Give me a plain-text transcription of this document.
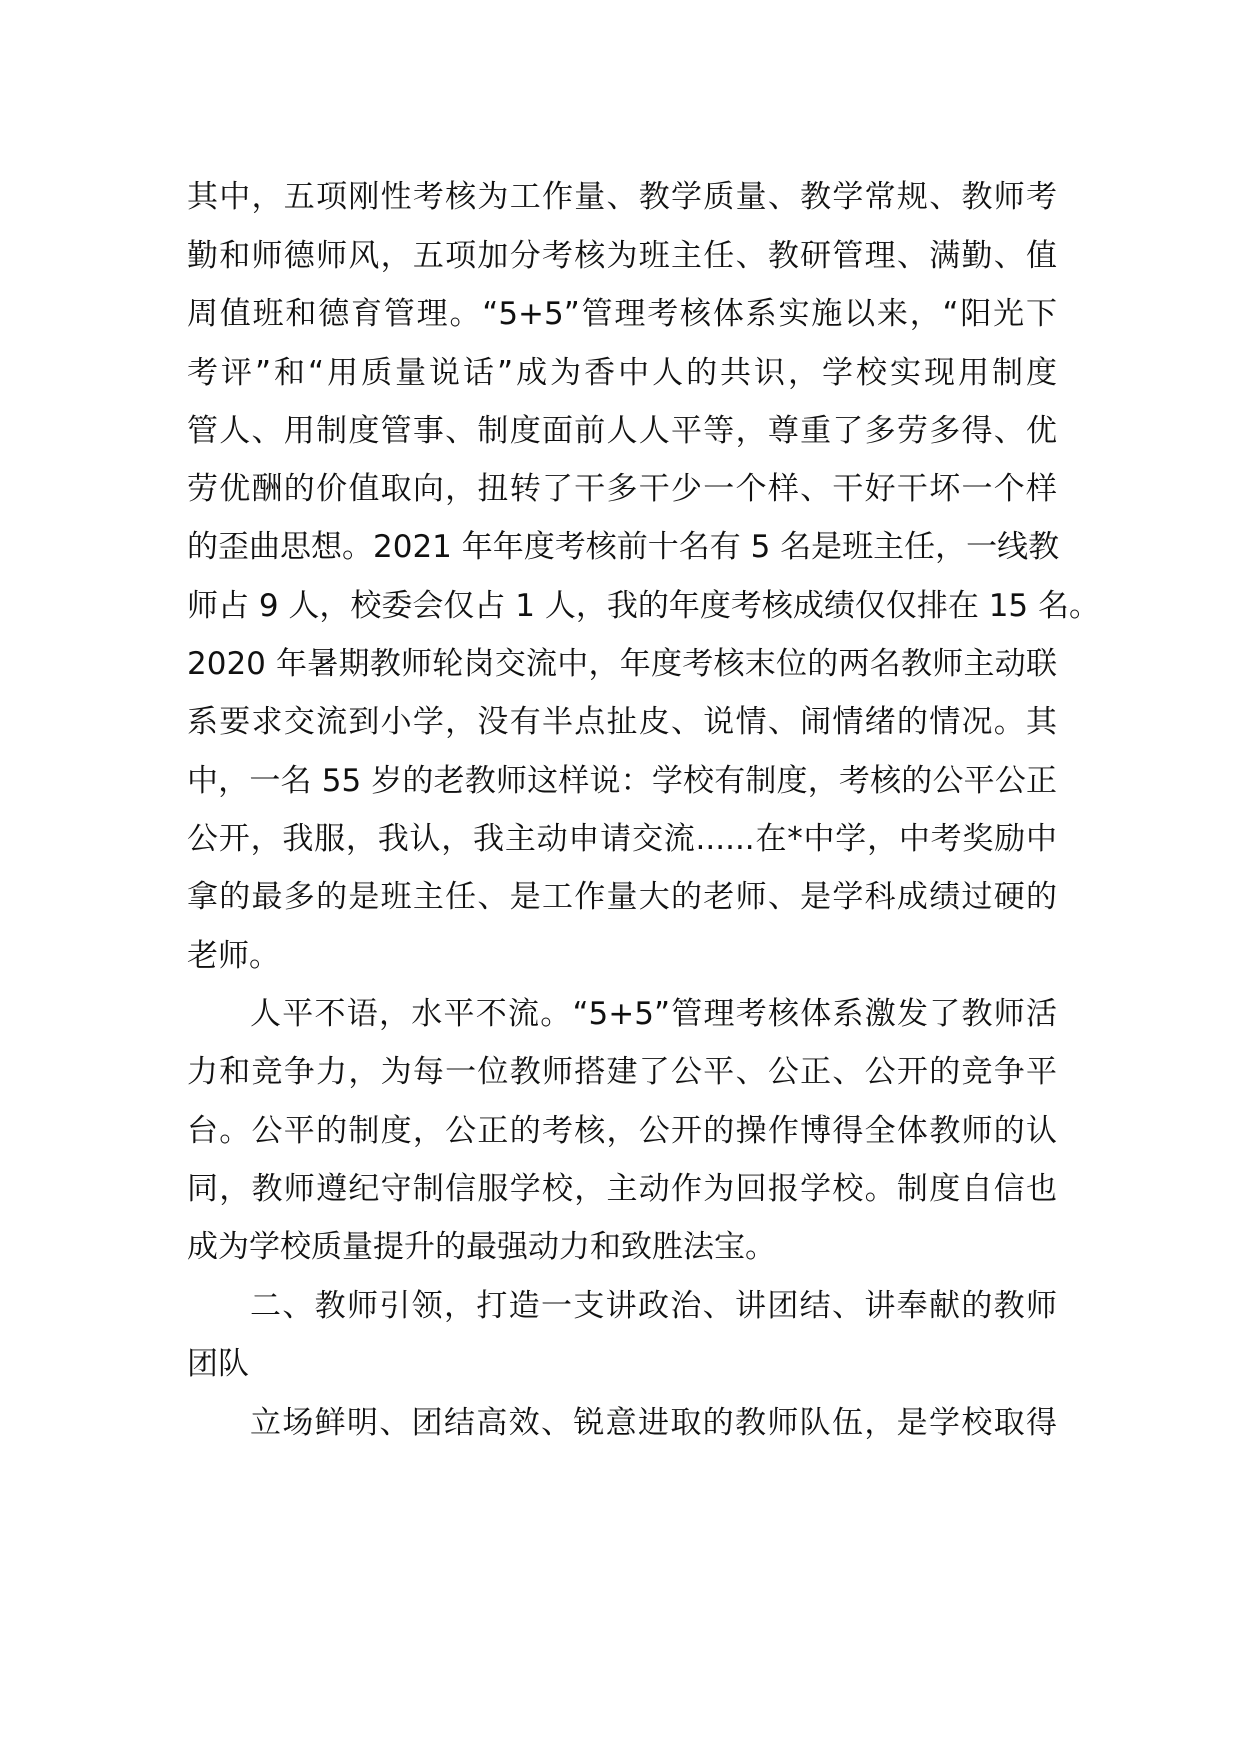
其中，五项刚性考核为工作量、教学质量、教学常规、教师考
勤和师德师风，五项加分考核为班主任、教研管理、满勤、值
周值班和德育管理。“5+5”管理考核体系实施以来，“阳光下
考评”和“用质量说话”成为香中人的共识，学校实现用制度
管人、用制度管事、制度面前人人平等，尊重了多劳多得、优
劳优酬的价值取向，扭转了干多干少一个样、干好干坏一个样
的歪曲思想。2021 年年度考核前十名有 5 名是班主任，一线教
师占 9 人，校委会仅占 1 人，我的年度考核成绩仅仅排在 15 名。
2020 年暑期教师轮岗交流中，年度考核末位的两名教师主动联
系要求交流到小学，没有半点扯皮、说情、闹情绪的情况。其
中，一名 55 岁的老教师这样说：学校有制度，考核的公平公正
公开，我服，我认，我主动申请交流......在*中学，中考奖励中
拿的最多的是班主任、是工作量大的老师、是学科成绩过硬的
老师。
人平不语，水平不流。“5+5”管理考核体系激发了教师活
力和竞争力，为每一位教师搭建了公平、公正、公开的竞争平
台。公平的制度，公正的考核，公开的操作博得全体教师的认
同，教师遵纪守制信服学校，主动作为回报学校。制度自信也
成为学校质量提升的最强动力和致胜法宝。
二、教师引领，打造一支讲政治、讲团结、讲奉献的教师
团队
立场鲜明、团结高效、锐意进取的教师队伍，是学校取得
